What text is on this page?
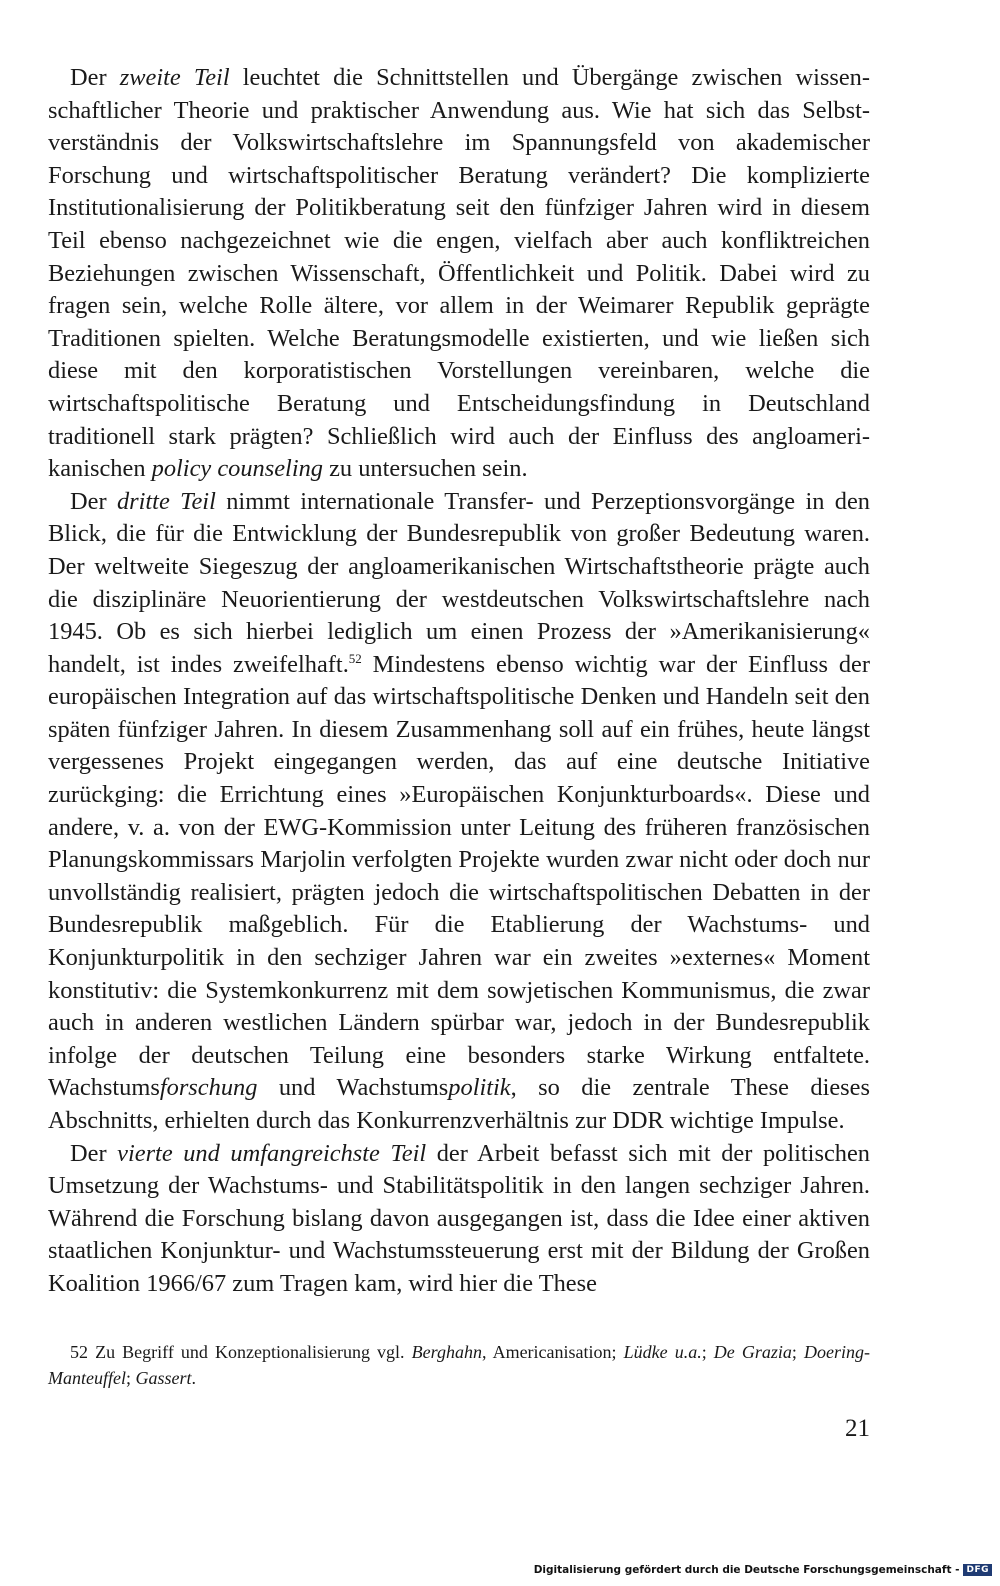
Der zweite Teil leuchtet die Schnittstellen und Übergänge zwischen wissenschaftlicher Theorie und praktischer Anwendung aus. Wie hat sich das Selbstverständnis der Volkswirtschaftslehre im Spannungsfeld von akademischer Forschung und wirtschaftspolitischer Beratung verändert? Die komplizierte Institutionalisierung der Politikberatung seit den fünfziger Jahren wird in diesem Teil ebenso nachgezeichnet wie die engen, vielfach aber auch konfliktreichen Beziehungen zwischen Wissenschaft, Öffentlichkeit und Politik. Dabei wird zu fragen sein, welche Rolle ältere, vor allem in der Weimarer Republik geprägte Traditionen spielten. Welche Beratungsmodelle existierten, und wie ließen sich diese mit den korporatistischen Vorstellungen vereinbaren, welche die wirtschaftspolitische Beratung und Entscheidungsfindung in Deutschland traditionell stark prägten? Schließlich wird auch der Einfluss des angloamerikanischen policy counseling zu untersuchen sein.

Der dritte Teil nimmt internationale Transfer- und Perzeptionsvorgänge in den Blick, die für die Entwicklung der Bundesrepublik von großer Bedeutung waren. Der weltweite Siegeszug der angloamerikanischen Wirtschaftstheorie prägte auch die disziplinäre Neuorientierung der westdeutschen Volkswirtschaftslehre nach 1945. Ob es sich hierbei lediglich um einen Prozess der »Amerikanisierung« handelt, ist indes zweifelhaft.$^{52}$ Mindestens ebenso wichtig war der Einfluss der europäischen Integration auf das wirtschaftspolitische Denken und Handeln seit den späten fünfziger Jahren. In diesem Zusammenhang soll auf ein frühes, heute längst vergessenes Projekt eingegangen werden, das auf eine deutsche Initiative zurückging: die Errichtung eines »Europäischen Konjunkturboards«. Diese und andere, v. a. von der EWG-Kommission unter Leitung des früheren französischen Planungskommissars Marjolin verfolgten Projekte wurden zwar nicht oder doch nur unvollständig realisiert, prägten jedoch die wirtschaftspolitischen Debatten in der Bundesrepublik maßgeblich. Für die Etablierung der Wachstums- und Konjunkturpolitik in den sechziger Jahren war ein zweites »externes« Moment konstitutiv: die Systemkonkurrenz mit dem sowjetischen Kommunismus, die zwar auch in anderen westlichen Ländern spürbar war, jedoch in der Bundesrepublik infolge der deutschen Teilung eine besonders starke Wirkung entfaltete. Wachstumsforschung und Wachstumspolitik, so die zentrale These dieses Abschnitts, erhielten durch das Konkurrenzverhältnis zur DDR wichtige Impulse.

Der vierte und umfangreichste Teil der Arbeit befasst sich mit der politischen Umsetzung der Wachstums- und Stabilitätspolitik in den langen sechziger Jahren. Während die Forschung bislang davon ausgegangen ist, dass die Idee einer aktiven staatlichen Konjunktur- und Wachstumssteuerung erst mit der Bildung der Großen Koalition 1966/67 zum Tragen kam, wird hier die These

52 Zu Begriff und Konzeptionalisierung vgl. Berghahn, Americanisation; Lüdke u.a.; De Grazia; Doering-Manteuffel; Gassert.

21
Digitalisierung gefördert durch die Deutsche Forschungsgemeinschaft - DFG
